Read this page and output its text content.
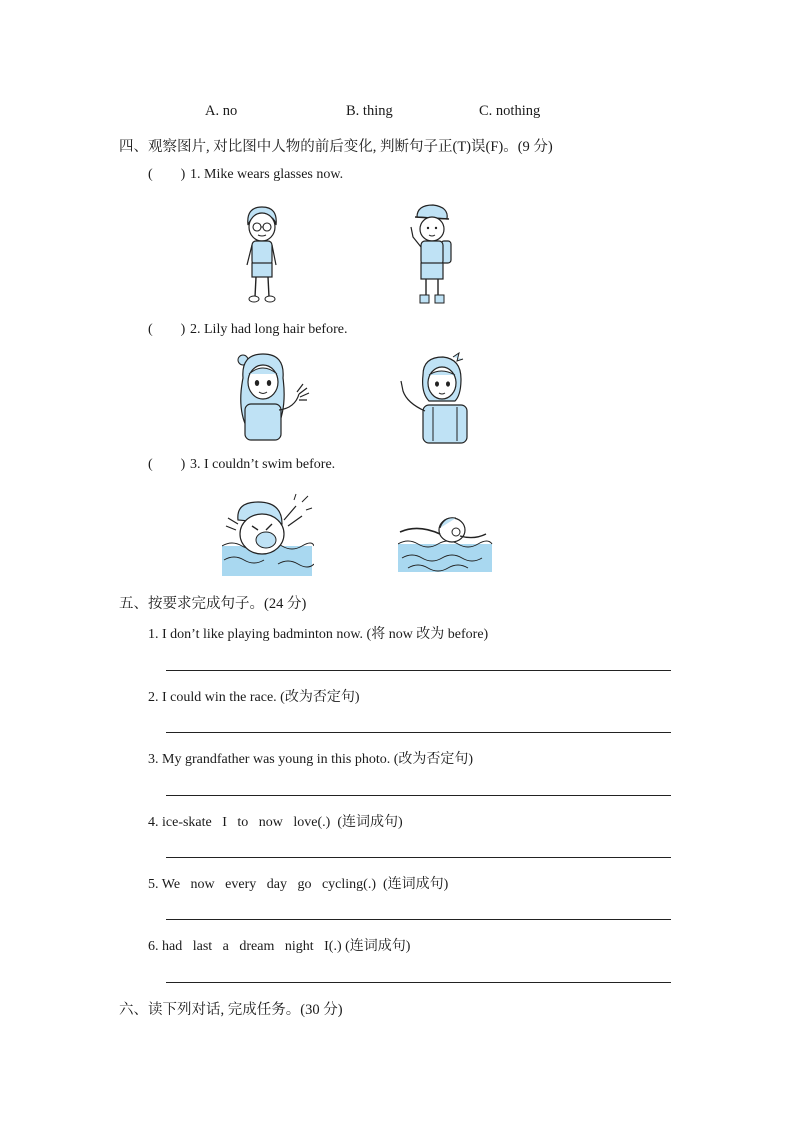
A. no	B. thing	C. nothing
四、观察图片, 对比图中人物的前后变化, 判断句子正(T)误(F)。(9 分)
(        ) 1. Mike wears glasses now.
(        ) 2. Lily had long hair before.
(        ) 3. I couldn’t swim before.
五、按要求完成句子。(24 分)
1. I don’t like playing badminton now. (将 now 改为 before)
2. I could win the race. (改为否定句)
3. My grandfather was young in this photo. (改为否定句)
4. ice-skate   I   to   now   love(.)  (连词成句)
5. We   now   every   day   go   cycling(.)  (连词成句)
6. had   last   a   dream   night   I(.) (连词成句)
六、读下列对话, 完成任务。(30 分)
